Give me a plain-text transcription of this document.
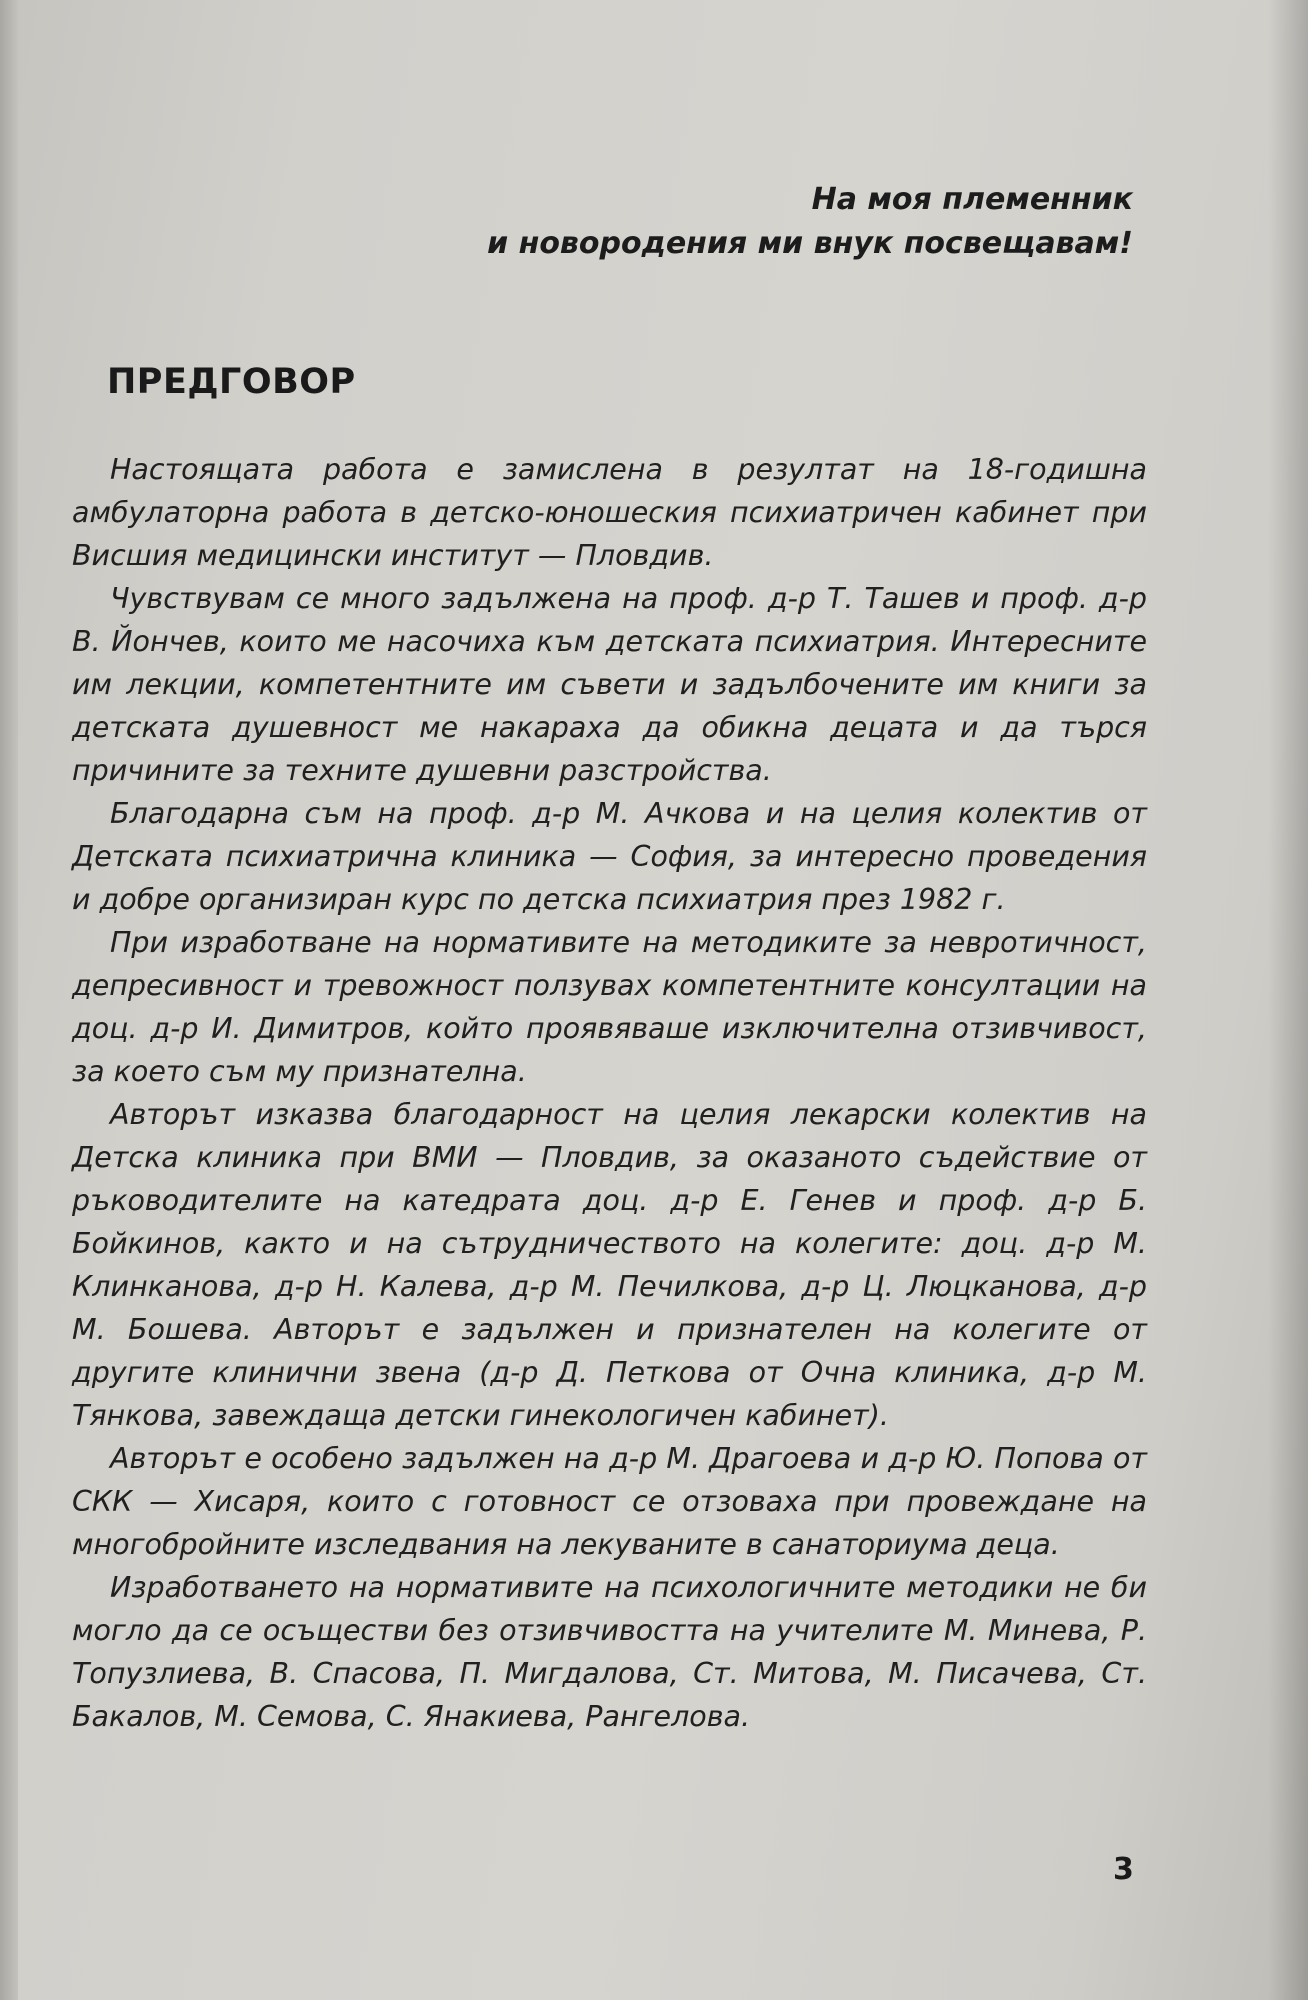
На моя племенник
и новородения ми внук посвещавам!
ПРЕДГОВОР

Настоящата работа е замислена в резултат на 18-годишна амбулаторна работа в детско-юношеския психиатричен кабинет при Висшия медицински институт — Пловдив.

Чувствувам се много задължена на проф. д-р Т. Ташев и проф. д-р В. Йончев, които ме насочиха към детската психиатрия. Интересните им лекции, компетентните им съвети и задълбочените им книги за детската душевност ме накараха да обикна децата и да търся причините за техните душевни разстройства.

Благодарна съм на проф. д-р М. Ачкова и на целия колектив от Детската психиатрична клиника — София, за интересно проведения и добре организиран курс по детска психиатрия през 1982 г.

При изработване на нормативите на методиките за невротичност, депресивност и тревожност ползувах компетентните консултации на доц. д-р И. Димитров, който проявяваше изключителна отзивчивост, за което съм му признателна.

Авторът изказва благодарност на целия лекарски колектив на Детска клиника при ВМИ — Пловдив, за оказаното съдействие от ръководителите на катедрата доц. д-р Е. Генев и проф. д-р Б. Бойкинов, както и на сътрудничеството на колегите: доц. д-р М. Клинканова, д-р Н. Калева, д-р М. Печилкова, д-р Ц. Люцканова, д-р М. Бошева. Авторът е задължен и признателен на колегите от другите клинични звена (д-р Д. Петкова от Очна клиника, д-р М. Тянкова, завеждаща детски гинекологичен кабинет).

Авторът е особено задължен на д-р М. Драгоева и д-р Ю. Попова от СКК — Хисаря, които с готовност се отзоваха при провеждане на многобройните изследвания на лекуваните в санаториума деца.

Изработването на нормативите на психологичните методики не би могло да се осъществи без отзивчивостта на учителите М. Минева, Р. Топузлиева, В. Спасова, П. Мигдалова, Ст. Митова, М. Писачева, Ст. Бакалов, М. Семова, С. Янакиева, Рангелова.

3
